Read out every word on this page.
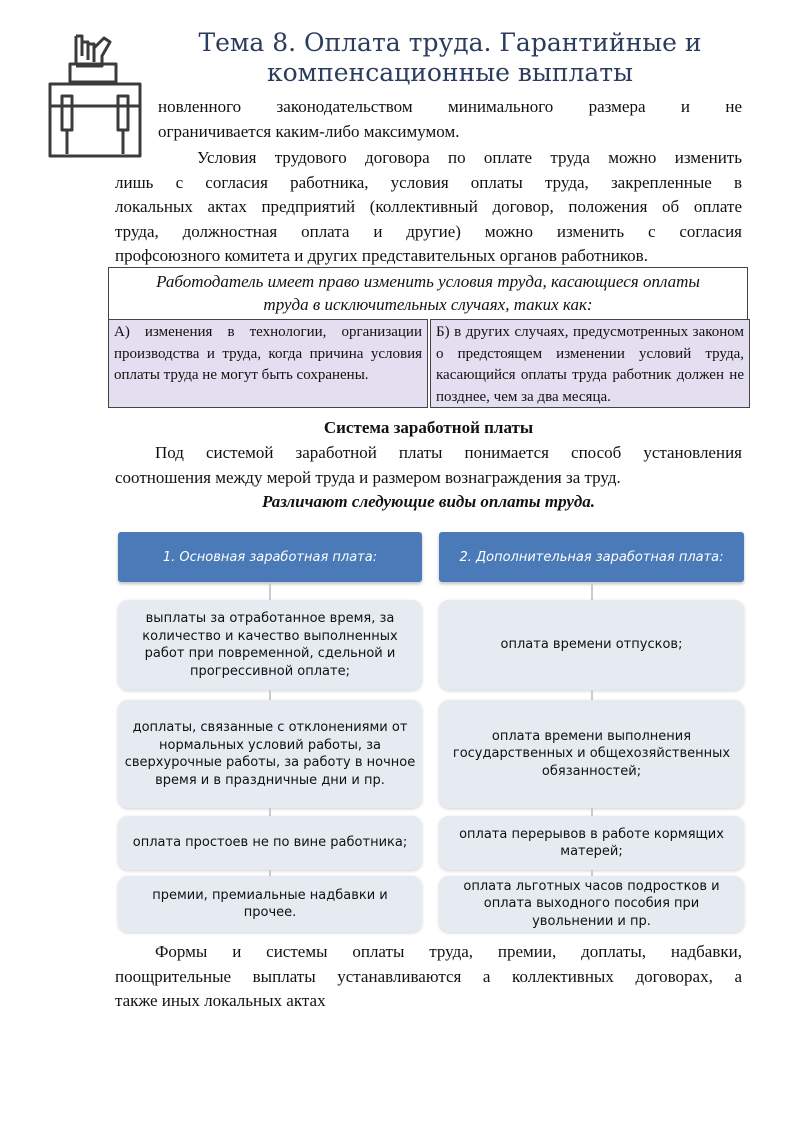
Тема 8. Оплата труда. Гарантийные и
компенсационные выплаты
новленного законодательством минимального размера и не
ограничивается каким-либо максимумом.
Условия трудового договора по оплате труда можно изменить
лишь с согласия работника, условия оплаты труда, закрепленные в
локальных актах предприятий (коллективный договор, положения об оплате
труда, должностная оплата и другие) можно изменить с согласия
профсоюзного комитета и других представительных органов работников.
Работодатель имеет право изменить условия труда, касающиеся оплаты
труда в исключительных случаях, таких как:
А) изменения в технологии, организации производства и труда, когда причина условия оплаты труда не могут быть сохранены.
Б) в других случаях, предусмотренных законом о предстоящем изменении условий труда, касающийся оплаты труда работник должен не позднее, чем за два месяца.
Система заработной платы
Под системой заработной платы понимается способ установления
соотношения между мерой труда и размером вознаграждения за труд.
Различают следующие виды оплаты труда.
1. Основная заработная плата:
выплаты за отработанное время, за количество и качество выполненных работ при повременной, сдельной и прогрессивной оплате;
доплаты, связанные с отклонениями от нормальных условий работы, за сверхурочные работы, за работу в ночное время и в праздничные дни и пр.
оплата простоев не по вине работника;
премии, премиальные надбавки и прочее.
2. Дополнительная заработная плата:
оплата времени отпусков;
оплата времени выполнения государственных и общехозяйственных обязанностей;
оплата перерывов в работе кормящих матерей;
оплата льготных часов подростков и оплата выходного пособия при увольнении и пр.
Формы и системы оплаты труда, премии, доплаты, надбавки,
поощрительные выплаты устанавливаются а коллективных договорах, а
также иных локальных актах
